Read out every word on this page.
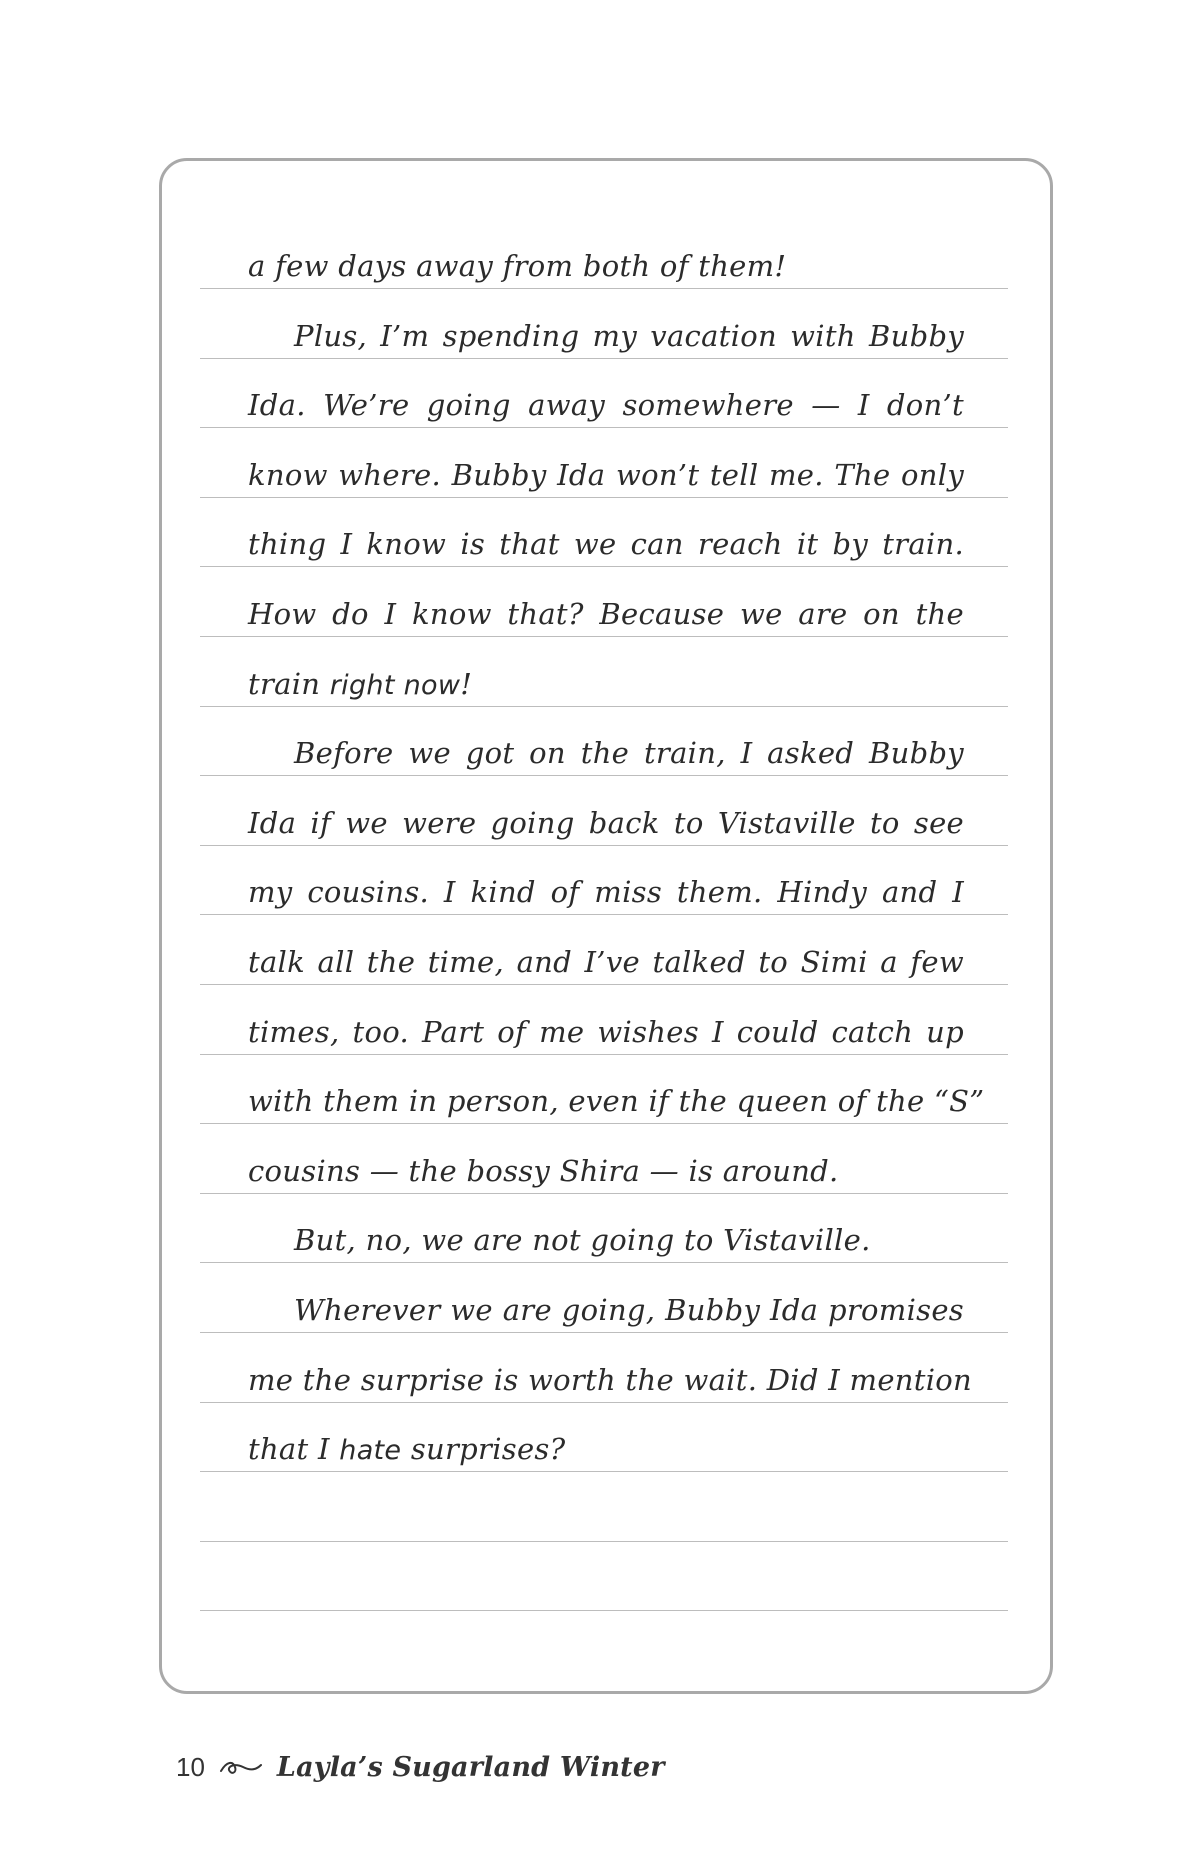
a few days away from both of them!
Plus, I’m spending my vacation with Bubby
Ida. We’re going away somewhere — I don’t
know where. Bubby Ida won’t tell me. The only
thing I know is that we can reach it by train.
How do I know that? Because we are on the
train right now!
Before we got on the train, I asked Bubby
Ida if we were going back to Vistaville to see
my cousins. I kind of miss them. Hindy and I
talk all the time, and I’ve talked to Simi a few
times, too. Part of me wishes I could catch up
with them in person, even if the queen of the “S”
cousins — the bossy Shira — is around.
But, no, we are not going to Vistaville.
Wherever we are going, Bubby Ida promises
me the surprise is worth the wait. Did I mention
that I hate surprises?
10	Layla’s Sugarland Winter
